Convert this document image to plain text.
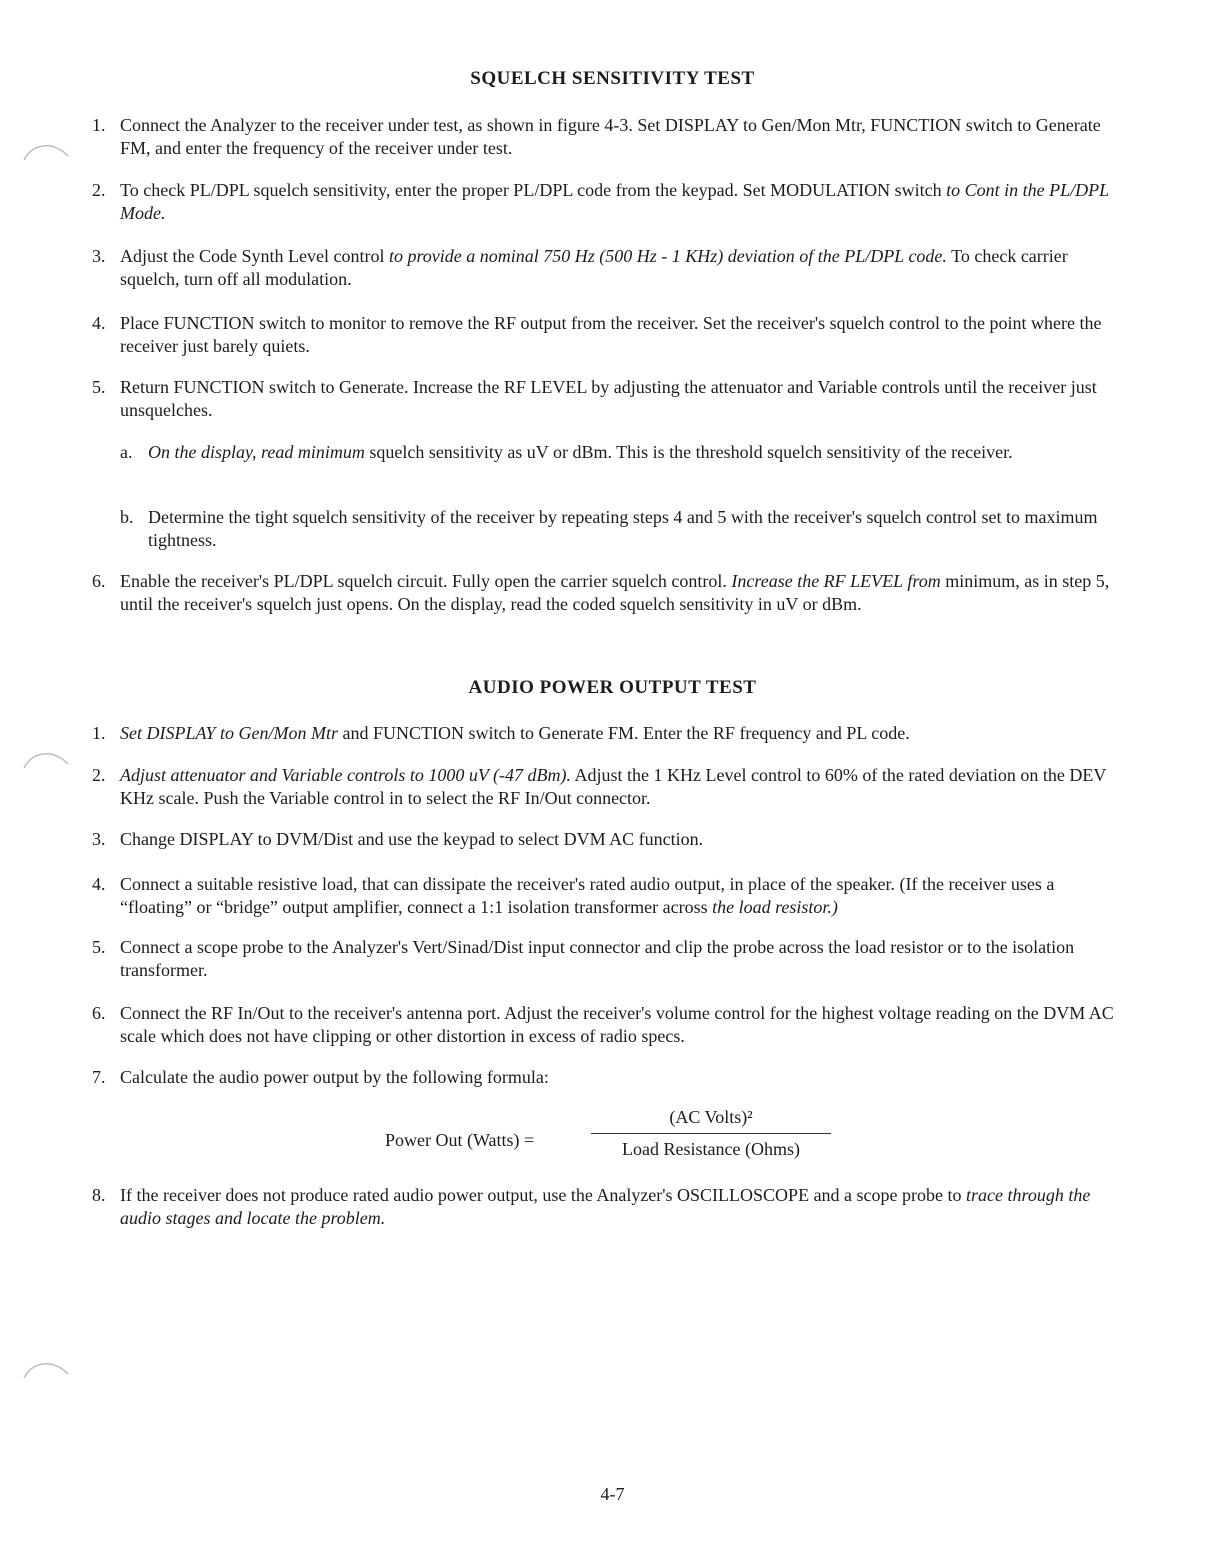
SQUELCH SENSITIVITY TEST
1. Connect the Analyzer to the receiver under test, as shown in figure 4-3. Set DISPLAY to Gen/Mon Mtr, FUNCTION switch to Generate FM, and enter the frequency of the receiver under test.
2. To check PL/DPL squelch sensitivity, enter the proper PL/DPL code from the keypad. Set MODULATION switch to Cont in the PL/DPL Mode.
3. Adjust the Code Synth Level control to provide a nominal 750 Hz (500 Hz - 1 KHz) deviation of the PL/DPL code. To check carrier squelch, turn off all modulation.
4. Place FUNCTION switch to monitor to remove the RF output from the receiver. Set the receiver's squelch control to the point where the receiver just barely quiets.
5. Return FUNCTION switch to Generate. Increase the RF LEVEL by adjusting the attenuator and Variable controls until the receiver just unsquelches.
a. On the display, read minimum squelch sensitivity as uV or dBm. This is the threshold squelch sensitivity of the receiver.
b. Determine the tight squelch sensitivity of the receiver by repeating steps 4 and 5 with the receiver's squelch control set to maximum tightness.
6. Enable the receiver's PL/DPL squelch circuit. Fully open the carrier squelch control. Increase the RF LEVEL from minimum, as in step 5, until the receiver's squelch just opens. On the display, read the coded squelch sensitivity in uV or dBm.
AUDIO POWER OUTPUT TEST
1. Set DISPLAY to Gen/Mon Mtr and FUNCTION switch to Generate FM. Enter the RF frequency and PL code.
2. Adjust attenuator and Variable controls to 1000 uV (-47 dBm). Adjust the 1 KHz Level control to 60% of the rated deviation on the DEV KHz scale. Push the Variable control in to select the RF In/Out connector.
3. Change DISPLAY to DVM/Dist and use the keypad to select DVM AC function.
4. Connect a suitable resistive load, that can dissipate the receiver's rated audio output, in place of the speaker. (If the receiver uses a “floating” or “bridge” output amplifier, connect a 1:1 isolation transformer across the load resistor.)
5. Connect a scope probe to the Analyzer's Vert/Sinad/Dist input connector and clip the probe across the load resistor or to the isolation transformer.
6. Connect the RF In/Out to the receiver's antenna port. Adjust the receiver's volume control for the highest voltage reading on the DVM AC scale which does not have clipping or other distortion in excess of radio specs.
7. Calculate the audio power output by the following formula:
Power Out (Watts) =
(AC Volts)²
Load Resistance (Ohms)
8. If the receiver does not produce rated audio power output, use the Analyzer's OSCILLOSCOPE and a scope probe to trace through the audio stages and locate the problem.
4-7
